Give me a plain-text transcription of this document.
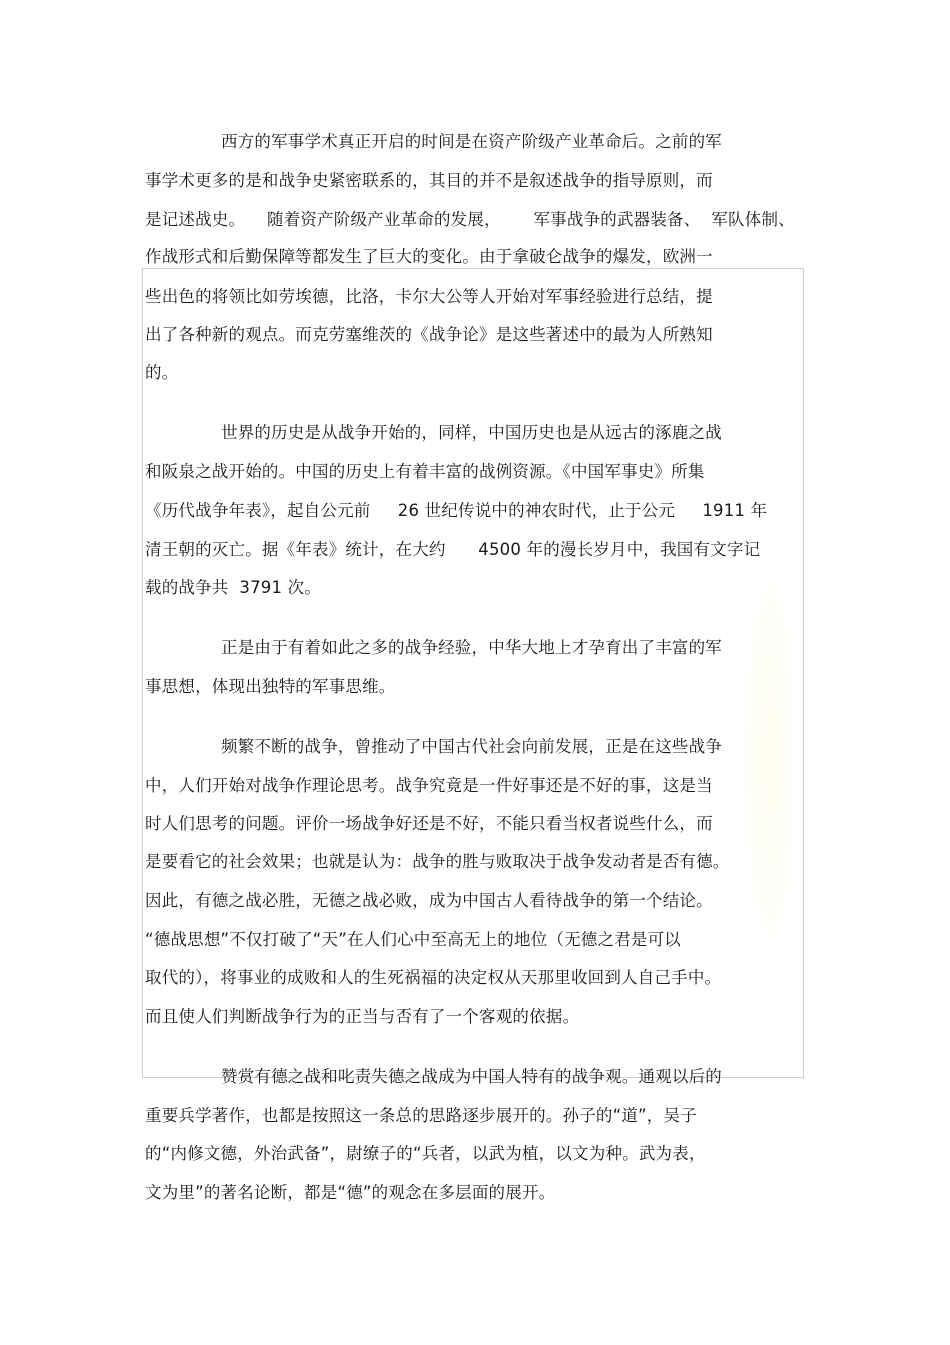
西方的军事学术真正开启的时间是在资产阶级产业革命后。之前的军
事学术更多的是和战争史紧密联系的，其目的并不是叙述战争的指导原则，而
是记述战史。    随着资产阶级产业革命的发展，      军事战争的武器装备、  军队体制、
作战形式和后勤保障等都发生了巨大的变化。由于拿破仑战争的爆发，欧洲一
些出色的将领比如劳埃德，比洛，卡尔大公等人开始对军事经验进行总结，提
出了各种新的观点。而克劳塞维茨的《战争论》是这些著述中的最为人所熟知
的。
世界的历史是从战争开始的，同样，中国历史也是从远古的涿鹿之战
和阪泉之战开始的。中国的历史上有着丰富的战例资源。《中国军事史》所集
《历代战争年表》，起自公元前     26 世纪传说中的神农时代，止于公元     1911 年
清王朝的灭亡。据《年表》统计，在大约      4500 年的漫长岁月中，我国有文字记
载的战争共  3791 次。
正是由于有着如此之多的战争经验，中华大地上才孕育出了丰富的军
事思想，体现出独特的军事思维。
频繁不断的战争，曾推动了中国古代社会向前发展，正是在这些战争
中，人们开始对战争作理论思考。战争究竟是一件好事还是不好的事，这是当
时人们思考的问题。评价一场战争好还是不好，不能只看当权者说些什么，而
是要看它的社会效果；也就是认为：战争的胜与败取决于战争发动者是否有德。
因此，有德之战必胜，无德之战必败，成为中国古人看待战争的第一个结论。
“德战思想”不仅打破了“天”在人们心中至高无上的地位（无德之君是可以
取代的），将事业的成败和人的生死祸福的决定权从天那里收回到人自己手中。
而且使人们判断战争行为的正当与否有了一个客观的依据。
赞赏有德之战和叱责失德之战成为中国人特有的战争观。通观以后的
重要兵学著作，也都是按照这一条总的思路逐步展开的。孙子的“道”，吴子
的“内修文德，外治武备”，尉缭子的“兵者，以武为植，以文为种。武为表，
文为里”的著名论断，都是“德”的观念在多层面的展开。
